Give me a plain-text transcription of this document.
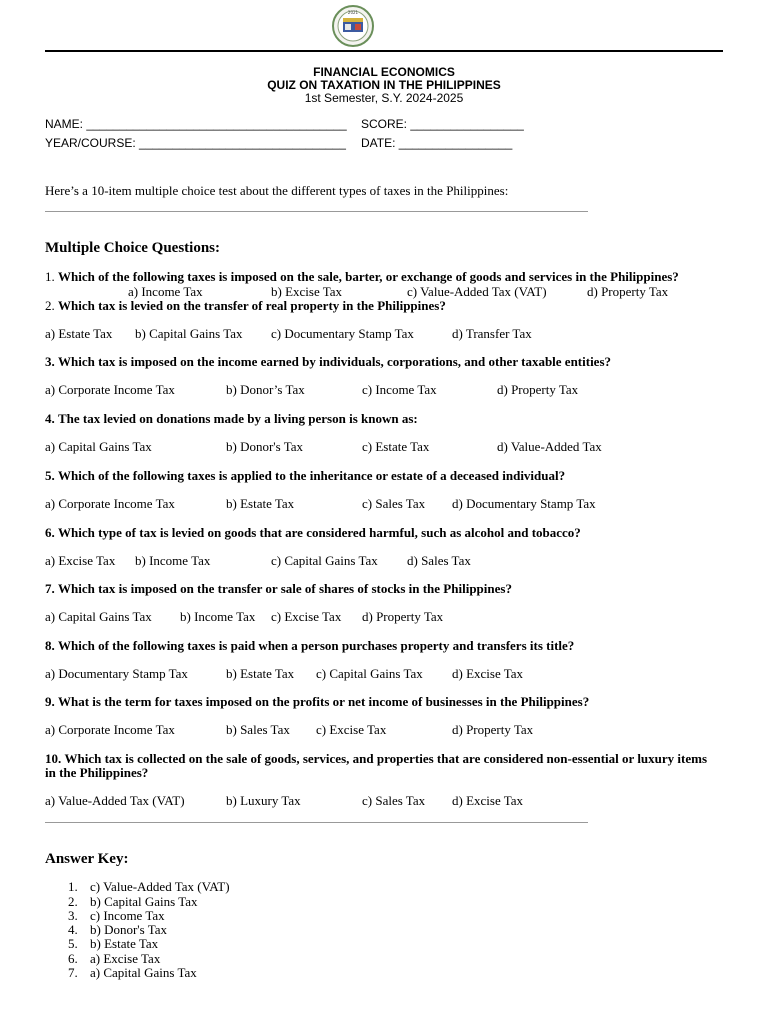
2021
FINANCIAL ECONOMICS
QUIZ ON TAXATION IN THE PHILIPPINES
1st Semester, S.Y. 2024-2025
NAME: _______________________________________ SCORE: _________________
YEAR/COURSE: _______________________________ DATE: _________________
Here’s a 10-item multiple choice test about the different types of taxes in the Philippines:
Multiple Choice Questions:
1. Which of the following taxes is imposed on the sale, barter, or exchange of goods and services in the Philippines?
a) Income Tax	b) Excise Tax	c) Value-Added Tax (VAT)	d) Property Tax
2. Which tax is levied on the transfer of real property in the Philippines?
a) Estate Tax b) Capital Gains Tax c) Documentary Stamp Tax	d) Transfer Tax
3. Which tax is imposed on the income earned by individuals, corporations, and other taxable entities?
a) Corporate Income Tax	b) Donor’s Tax	c) Income Tax	d) Property Tax
4. The tax levied on donations made by a living person is known as:
a) Capital Gains Tax	b) Donor's Tax	c) Estate Tax	d) Value-Added Tax
5. Which of the following taxes is applied to the inheritance or estate of a deceased individual?
a) Corporate Income Tax	b) Estate Tax	c) Sales Tax d) Documentary Stamp Tax
6. Which type of tax is levied on goods that are considered harmful, such as alcohol and tobacco?
a) Excise Tax b) Income Tax	c) Capital Gains Tax d) Sales Tax
7. Which tax is imposed on the transfer or sale of shares of stocks in the Philippines?
a) Capital Gains Tax b) Income Tax c) Excise Tax d) Property Tax
8. Which of the following taxes is paid when a person purchases property and transfers its title?
a) Documentary Stamp Tax	b) Estate Tax c) Capital Gains Tax d) Excise Tax
9. What is the term for taxes imposed on the profits or net income of businesses in the Philippines?
a) Corporate Income Tax	b) Sales Tax c) Excise Tax	d) Property Tax
10. Which tax is collected on the sale of goods, services, and properties that are considered non-essential or luxury items in the Philippines?
a) Value-Added Tax (VAT)	b) Luxury Tax	c) Sales Tax d) Excise Tax
Answer Key:
1. c) Value-Added Tax (VAT)
2. b) Capital Gains Tax
3. c) Income Tax
4. b) Donor's Tax
5. b) Estate Tax
6. a) Excise Tax
7. a) Capital Gains Tax
